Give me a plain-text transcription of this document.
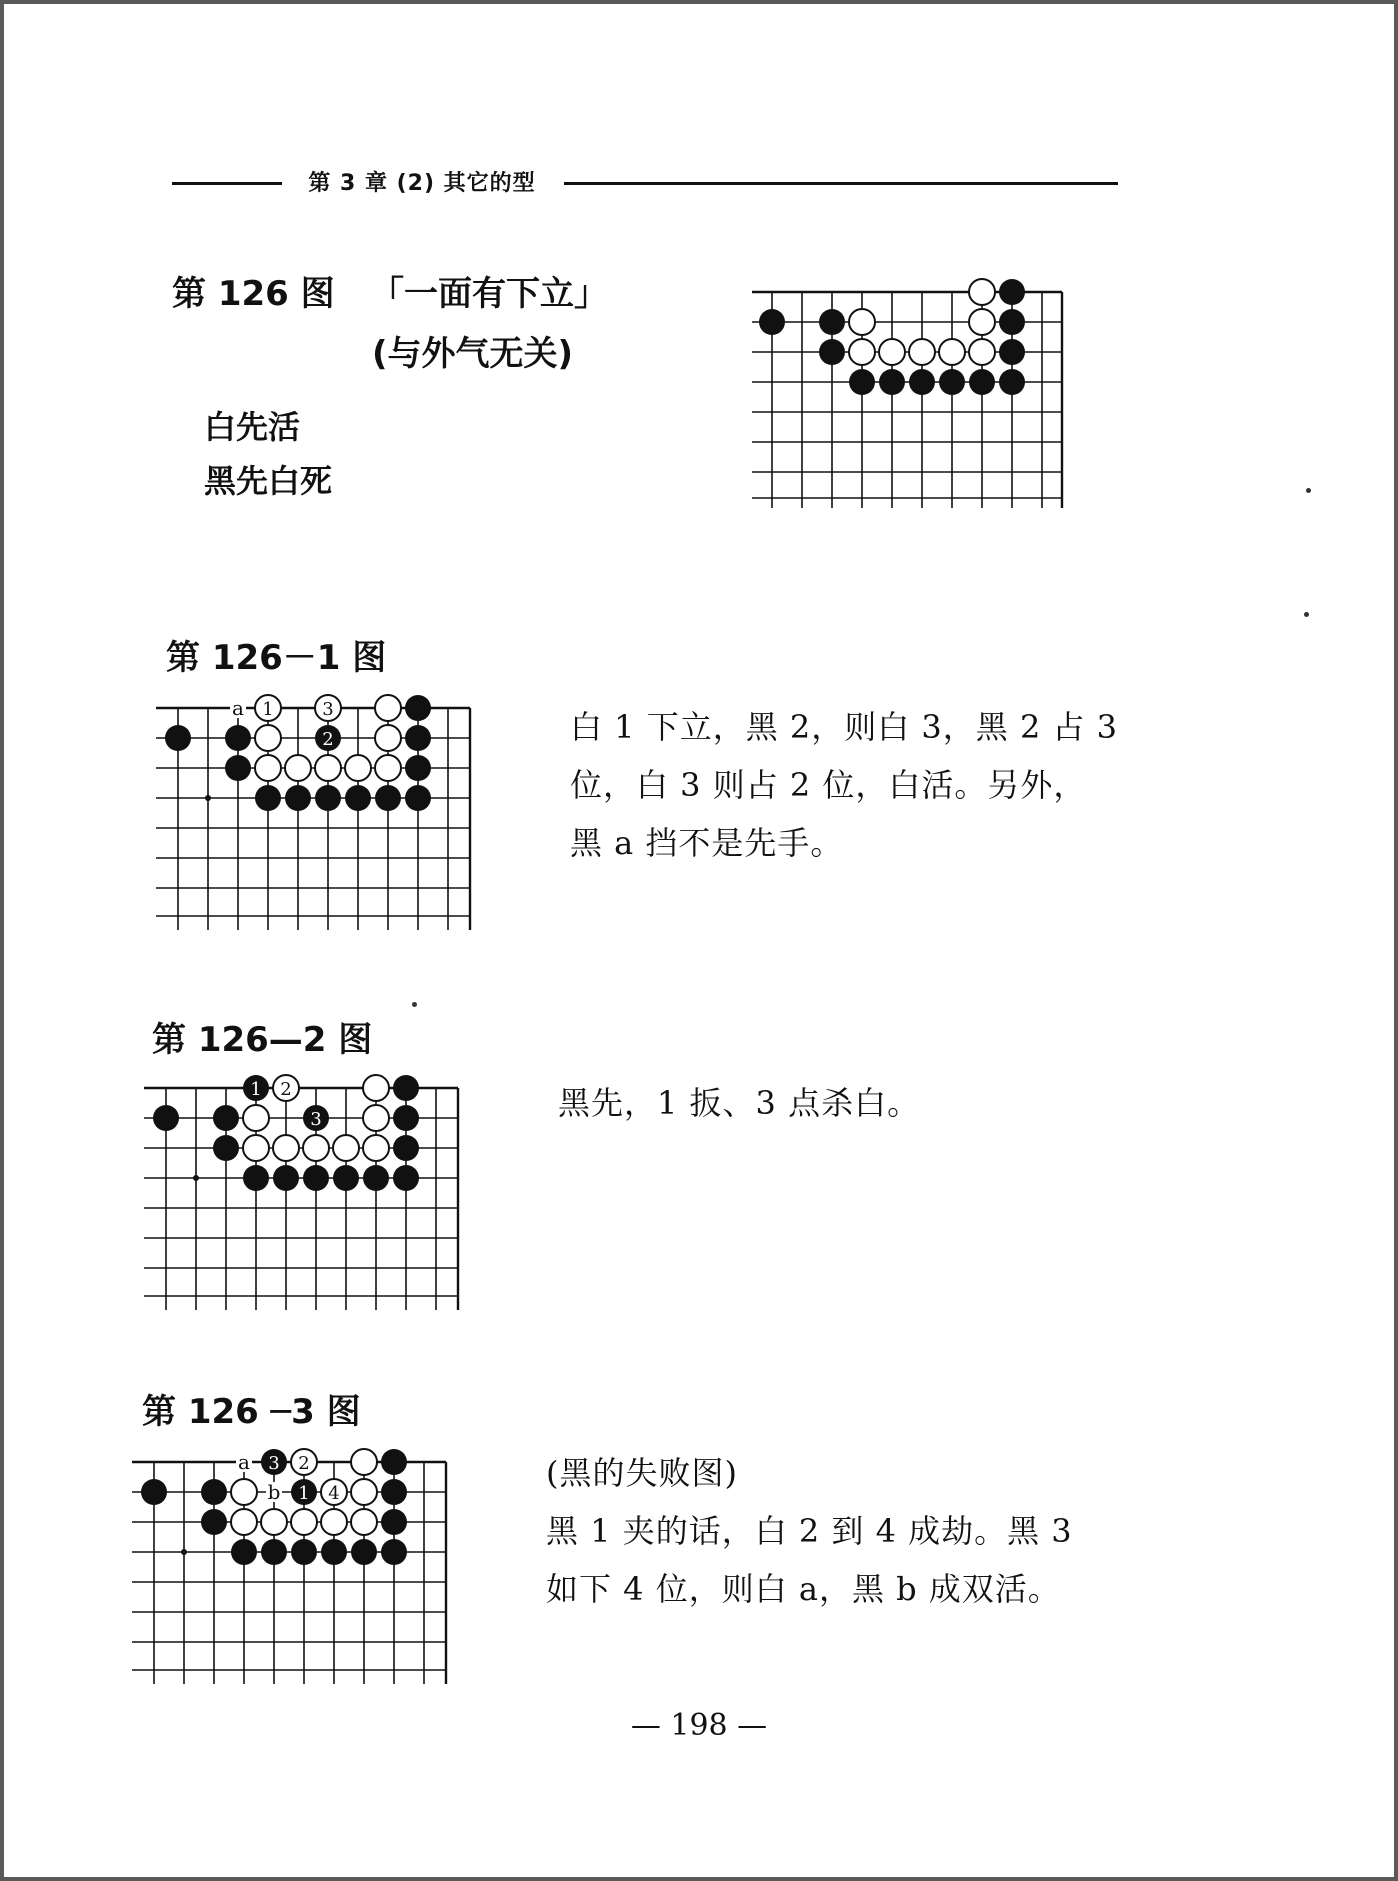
第 3 章 (2) 其它的型
第 126 图 「一面有下立」
(与外气无关)
白先活
黑先白死
第 126－1 图
a 1	3
2	白 1 下立，黑 2，则白 3，黑 2 占 3
位，白 3 则占 2 位，白活。另外，
黑 a 挡不是先手。
第 126—2 图
1 2
3	黑先，1 扳、3 点杀白。
第 126 ─3 图
a 3 2
b 1 4
(黑的失败图)
黑 1 夹的话，白 2 到 4 成劫。黑 3
如下 4 位，则白 a，黑 b 成双活。
— 198 —
